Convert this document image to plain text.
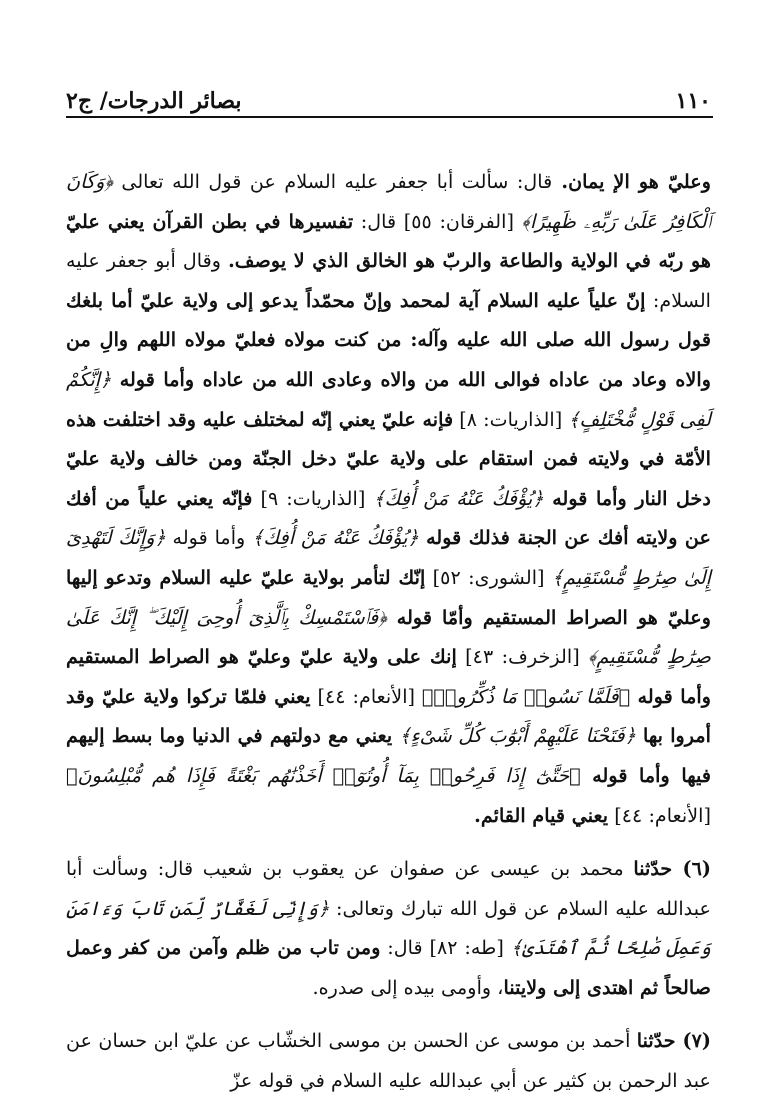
١١٠
بصائر الدرجات/ ج٢

وعليّ هو الإ يمان. قال: سألت أبا جعفر عليه السلام عن قول الله تعالى ﴿وَكَانَ ٱلْكَافِرُ عَلَىٰ رَبِّهِۦ ظَهِيرًا﴾ [الفرقان: ٥٥] قال: تفسيرها في بطن القرآن يعني عليّ هو ربّه في الولاية والطاعة والربّ هو الخالق الذي لا يوصف. وقال أبو جعفر عليه السلام: إنّ علياً عليه السلام آية لمحمد وإنّ محمّداً يدعو إلى ولاية عليّ أما بلغك قول رسول الله صلى الله عليه وآله: من كنت مولاه فعليّ مولاه اللهم والِ من والاه وعاد من عاداه فوالى الله من والاه وعادى الله من عاداه وأما قوله ﴿إِنَّكُمْ لَفِى قَوْلٍ مُّخْتَلِفٍ﴾ [الذاريات: ٨] فإنه عليّ يعني إنّه لمختلف عليه وقد اختلفت هذه الأمّة في ولايته فمن استقام على ولاية عليّ دخل الجنّة ومن خالف ولاية عليّ دخل النار وأما قوله ﴿يُؤْفَكُ عَنْهُ مَنْ أُفِكَ﴾ [الذاريات: ٩] فإنّه يعني علياً من أفك عن ولايته أفك عن الجنة فذلك قوله ﴿يُؤْفَكُ عَنْهُ مَنْ أُفِكَ﴾ وأما قوله ﴿وَإِنَّكَ لَتَهْدِىٓ إِلَىٰ صِرَٰطٍ مُّسْتَقِيمٍ﴾ [الشورى: ٥٢] إنّك لتأمر بولاية عليّ عليه السلام وتدعو إليها وعليّ هو الصراط المستقيم وأمّا قوله ﴿فَٱسْتَمْسِكْ بِٱلَّذِىٓ أُوحِىَ إِلَيْكَ ۖ إِنَّكَ عَلَىٰ صِرَٰطٍ مُّسْتَقِيمٍ﴾ [الزخرف: ٤٣] إنك على ولاية عليّ وعليّ هو الصراط المستقيم وأما قوله ﴿فَلَمَّا نَسُوا۟ مَا ذُكِّرُوا۟﴾ [الأنعام: ٤٤] يعني فلمّا تركوا ولاية عليّ وقد أمروا بها ﴿فَتَحْنَا عَلَيْهِمْ أَبْوَٰبَ كُلِّ شَىْءٍ﴾ يعني مع دولتهم في الدنيا وما بسط إليهم فيها وأما قوله ﴿حَتَّىٰٓ إِذَا فَرِحُوا۟ بِمَآ أُوتُوٓا۟ أَخَذْنَٰهُم بَغْتَةً فَإِذَا هُم مُّبْلِسُونَ﴾ [الأنعام: ٤٤] يعني قيام القائم.

(٦) حدّثنا محمد بن عيسى عن صفوان عن يعقوب بن شعيب قال: وسألت أبا عبدالله عليه السلام عن قول الله تبارك وتعالى: ﴿وَإِنِّى لَغَفَّارٌ لِّمَن تَابَ وَءَامَنَ وَعَمِلَ صَٰلِحًا ثُمَّ ٱهْتَدَىٰ﴾ [طه: ٨٢] قال: ومن تاب من ظلم وآمن من كفر وعمل صالحاً ثم اهتدى إلى ولايتنا، وأومى بيده إلى صدره.

(٧) حدّثنا أحمد بن موسى عن الحسن بن موسى الخشّاب عن عليّ ابن حسان عن عبد الرحمن بن كثير عن أبي عبدالله عليه السلام في قوله عزّ
